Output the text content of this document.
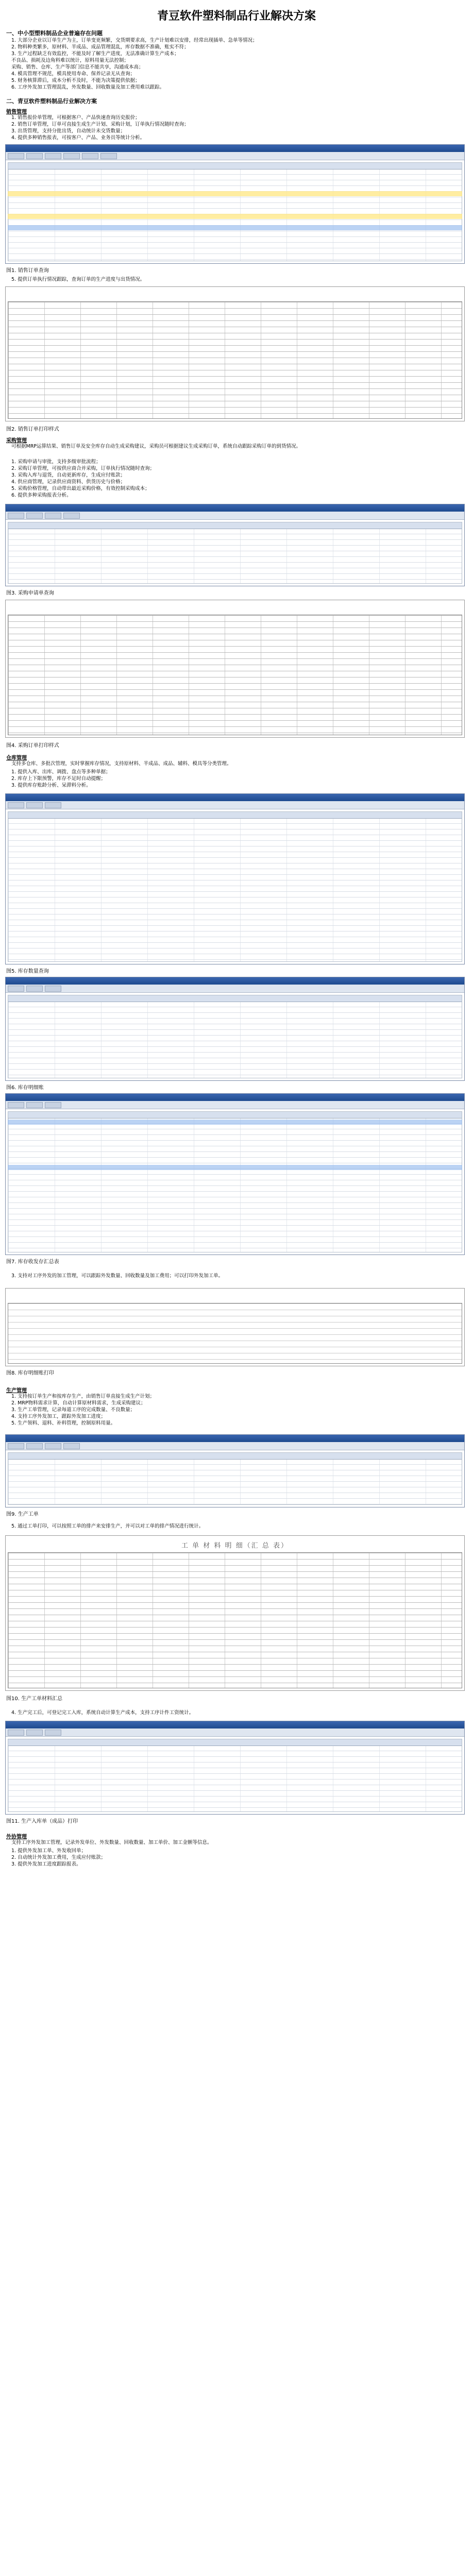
青豆软件塑料制品行业解决方案
一、中小型塑料制品企业普遍存在问题

1. 大部分企业以订单生产为主，订单变更频繁，交货期要求高，生产计划难以安排，经常出现插单、急单等情况；

2. 物料种类繁多，原材料、半成品、成品管理混乱，库存数据不准确，账实不符；

3. 生产过程缺乏有效监控，不能及时了解生产进度，无法准确计算生产成本；

不良品、损耗及边角料难以统计，原料用量无法控制；

采购、销售、仓库、生产等部门信息不能共享，沟通成本高；

4. 模具管理不规范，模具使用寿命、保养记录无从查询；

5. 财务核算滞后，成本分析不及时，不能为决策提供依据；

6. 工序外发加工管理混乱，外发数量、回收数量及加工费用难以跟踪。

二、青豆软件塑料制品行业解决方案
销售管理

1. 销售报价单管理，可根据客户、产品快速查询历史报价；

2. 销售订单管理，订单可直接生成生产计划、采购计划，订单执行情况随时查询；

3. 出货管理，支持分批出货，自动统计未交货数量；

4. 提供多种销售报表，可按客户、产品、业务员等统计分析。

图1. 销售订单查询
5. 提供订单执行情况跟踪，查询订单的生产进度与出货情况。
图2. 销售订单打印样式
采购管理
可根据MRP运算结果、销售订单及安全库存自动生成采购建议，采购员可根据建议生成采购订单，系统自动跟踪采购订单的到货情况。

1. 采购申请与审批，支持多级审批流程；

2. 采购订单管理，可按供应商合并采购，订单执行情况随时查询；

3. 采购入库与退货，自动更新库存，生成应付账款；

4. 供应商管理，记录供应商资料、供货历史与价格；

5. 采购价格管理，自动带出最近采购价格，有效控制采购成本；

6. 提供多种采购报表分析。

图3. 采购申请单查询
图4. 采购订单打印样式
仓库管理
支持多仓库、多批次管理，实时掌握库存情况，支持原材料、半成品、成品、辅料、模具等分类管理。

1. 提供入库、出库、调拨、盘点等多种单据；

2. 库存上下限预警，库存不足时自动提醒；

3. 提供库存账龄分析、呆滞料分析。

图5. 库存数量查询
图6. 库存明细账
图7. 库存收发存汇总表
3. 支持对工序外发的加工管理，可以跟踪外发数量、回收数量及加工费用；可以打印外发加工单。
图8. 库存明细账打印
生产管理

1. 支持按订单生产和按库存生产，由销售订单直接生成生产计划；

2. MRP物料需求计算，自动计算原材料需求，生成采购建议；

3. 生产工单管理，记录每道工序的完成数量、不良数量；

4. 支持工序外发加工，跟踪外发加工进度；

5. 生产领料、退料、补料管理，控制原料用量。

图9. 生产工单
5. 通过工单打印，可以按照工单的排产来安排生产，并可以对工单的排产情况进行统计。
工 单 材 料 明 细（汇 总 表）
图10. 生产工单材料汇总
4. 生产完工后，可登记完工入库，系统自动计算生产成本，支持工序计件工资统计。
图11. 生产入库单（成品）打印
外协管理
支持工序外发加工管理，记录外发单位、外发数量、回收数量、加工单价、加工金额等信息。

1. 提供外发加工单、外发收回单；

2. 自动统计外发加工费用，生成应付账款；

3. 提供外发加工进度跟踪报表。
